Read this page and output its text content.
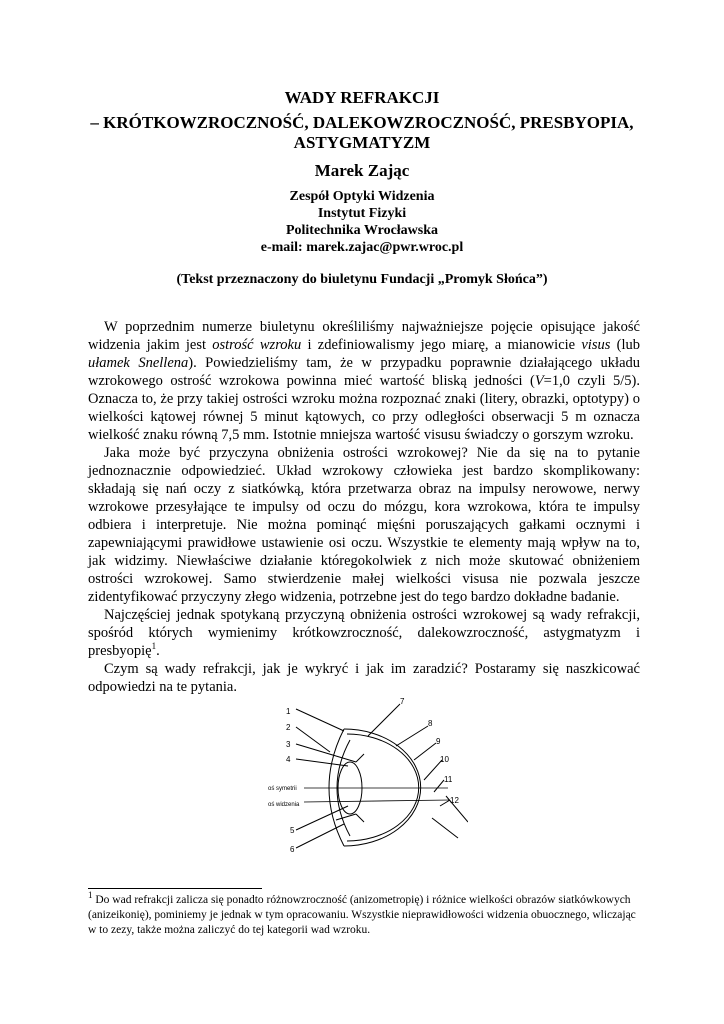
WADY REFRAKCJI
– KRÓTKOWZROCZNOŚĆ, DALEKOWZROCZNOŚĆ, PRESBYOPIA, ASTYGMATYZM
Marek Zając
Zespół Optyki Widzenia
Instytut Fizyki
Politechnika Wrocławska
e-mail: marek.zajac@pwr.wroc.pl
(Tekst przeznaczony do biuletynu Fundacji „Promyk Słońca”)

W poprzednim numerze biuletynu określiliśmy najważniejsze pojęcie opisujące jakość widzenia jakim jest ostrość wzroku i zdefiniowalismy jego miarę, a mianowicie visus (lub ułamek Snellena). Powiedzieliśmy tam, że w przypadku poprawnie działającego układu wzrokowego ostrość wzrokowa powinna mieć wartość bliską jedności (V=1,0 czyli 5/5). Oznacza to, że przy takiej ostrości wzroku można rozpoznać znaki (litery, obrazki, optotypy) o wielkości kątowej równej 5 minut kątowych, co przy odległości obserwacji 5 m oznacza wielkość znaku równą 7,5 mm. Istotnie mniejsza wartość visusu świadczy o gorszym wzroku.

Jaka może być przyczyna obniżenia ostrości wzrokowej? Nie da się na to pytanie jednoznacznie odpowiedzieć. Układ wzrokowy człowieka jest bardzo skomplikowany: składają się nań oczy z siatkówką, która przetwarza obraz na impulsy nerowowe, nerwy wzrokowe przesyłające te impulsy od oczu do mózgu, kora wzrokowa, która te impulsy odbiera i interpretuje. Nie można pominąć mięśni poruszających gałkami ocznymi i zapewniającymi prawidłowe ustawienie osi oczu. Wszystkie te elementy mają wpływ na to, jak widzimy. Niewłaściwe działanie któregokolwiek z nich może skutować obniżeniem ostrości wzrokowej. Samo stwierdzenie małej wielkości visusa nie pozwala jeszcze zidentyfikować przyczyny złego widzenia, potrzebne jest do tego bardzo dokładne badanie.

Najczęściej jednak spotykaną przyczyną obniżenia ostrości wzrokowej są wady refrakcji, spośród których wymienimy krótkowzroczność, dalekowzroczność, astygmatyzm i presbyopię$^1$.

Czym są wady refrakcji, jak je wykryć i jak im zaradzić? Postaramy się naszkicować odpowiedzi na te pytania.

1
2
3
4
5
6
7
8
9
10
11
12
oś symetrii
oś widzenia
$^1$ Do wad refrakcji zalicza się ponadto różnowzroczność (anizometropię) i różnice wielkości obrazów siatkówkowych (anizeikonię), pominiemy je jednak w tym opracowaniu. Wszystkie nieprawidłowości widzenia obuocznego, wliczając w to zezy, także można zaliczyć do tej kategorii wad wzroku.
